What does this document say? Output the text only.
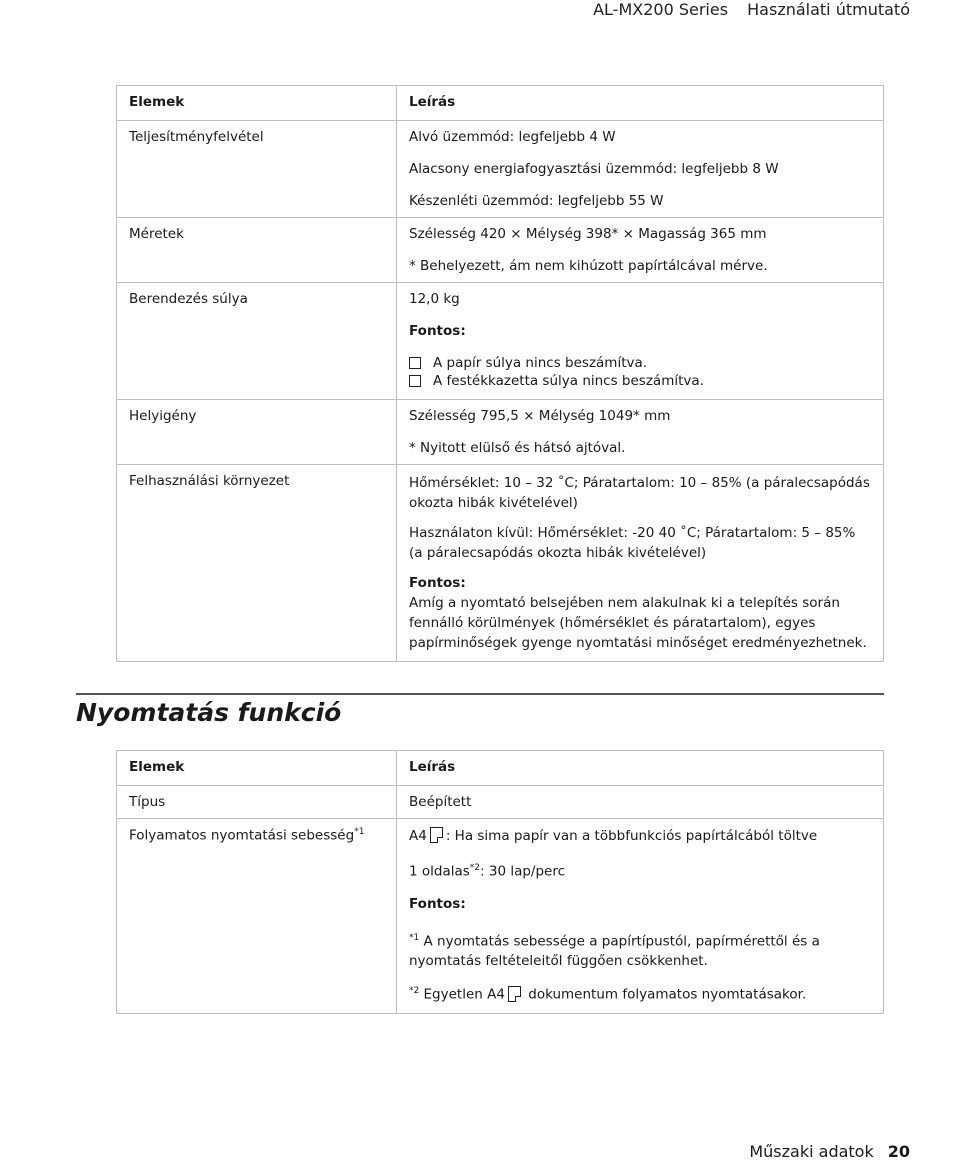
AL-MX200 Series Használati útmutató
Elemek	Leírás
Teljesítményfelvétel	Alvó üzemmód: legfeljebb 4 W
Alacsony energiafogyasztási üzemmód: legfeljebb 8 W
Készenléti üzemmód: legfeljebb 55 W

Méretek	Szélesség 420 × Mélység 398* × Magasság 365 mm
* Behelyezett, ám nem kihúzott papírtálcával mérve.

Berendezés súlya	12,0 kg
Fontos:
A papír súlya nincs beszámítva.
A festékkazetta súlya nincs beszámítva.

Helyigény	Szélesség 795,5 × Mélység 1049* mm
* Nyitott elülső és hátsó ajtóval.

Felhasználási környezet	Hőmérséklet: 10 – 32 ˚C; Páratartalom: 10 – 85% (a páralecsapódás okozta hibák kivételével)
Használaton kívül: Hőmérséklet: -20 40 ˚C; Páratartalom: 5 – 85% (a páralecsapódás okozta hibák kivételével)
Fontos:
Amíg a nyomtató belsejében nem alakulnak ki a telepítés során fennálló körülmények (hőmérséklet és páratartalom), egyes papírminőségek gyenge nyomtatási minőséget eredményezhetnek.
Nyomtatás funkció
Elemek	Leírás
Típus	Beépített
Folyamatos nyomtatási sebesség$^{*1}$	A4 : Ha sima papír van a többfunkciós papírtálcából töltve
1 oldalas$^{*2}$: 30 lap/perc
Fontos:
$^{*1}$ A nyomtatás sebessége a papírtípustól, papírmérettől és a nyomtatás feltételeitől függően csökkenhet.
$^{*2}$ Egyetlen A4 dokumentum folyamatos nyomtatásakor.
Műszaki adatok 20
